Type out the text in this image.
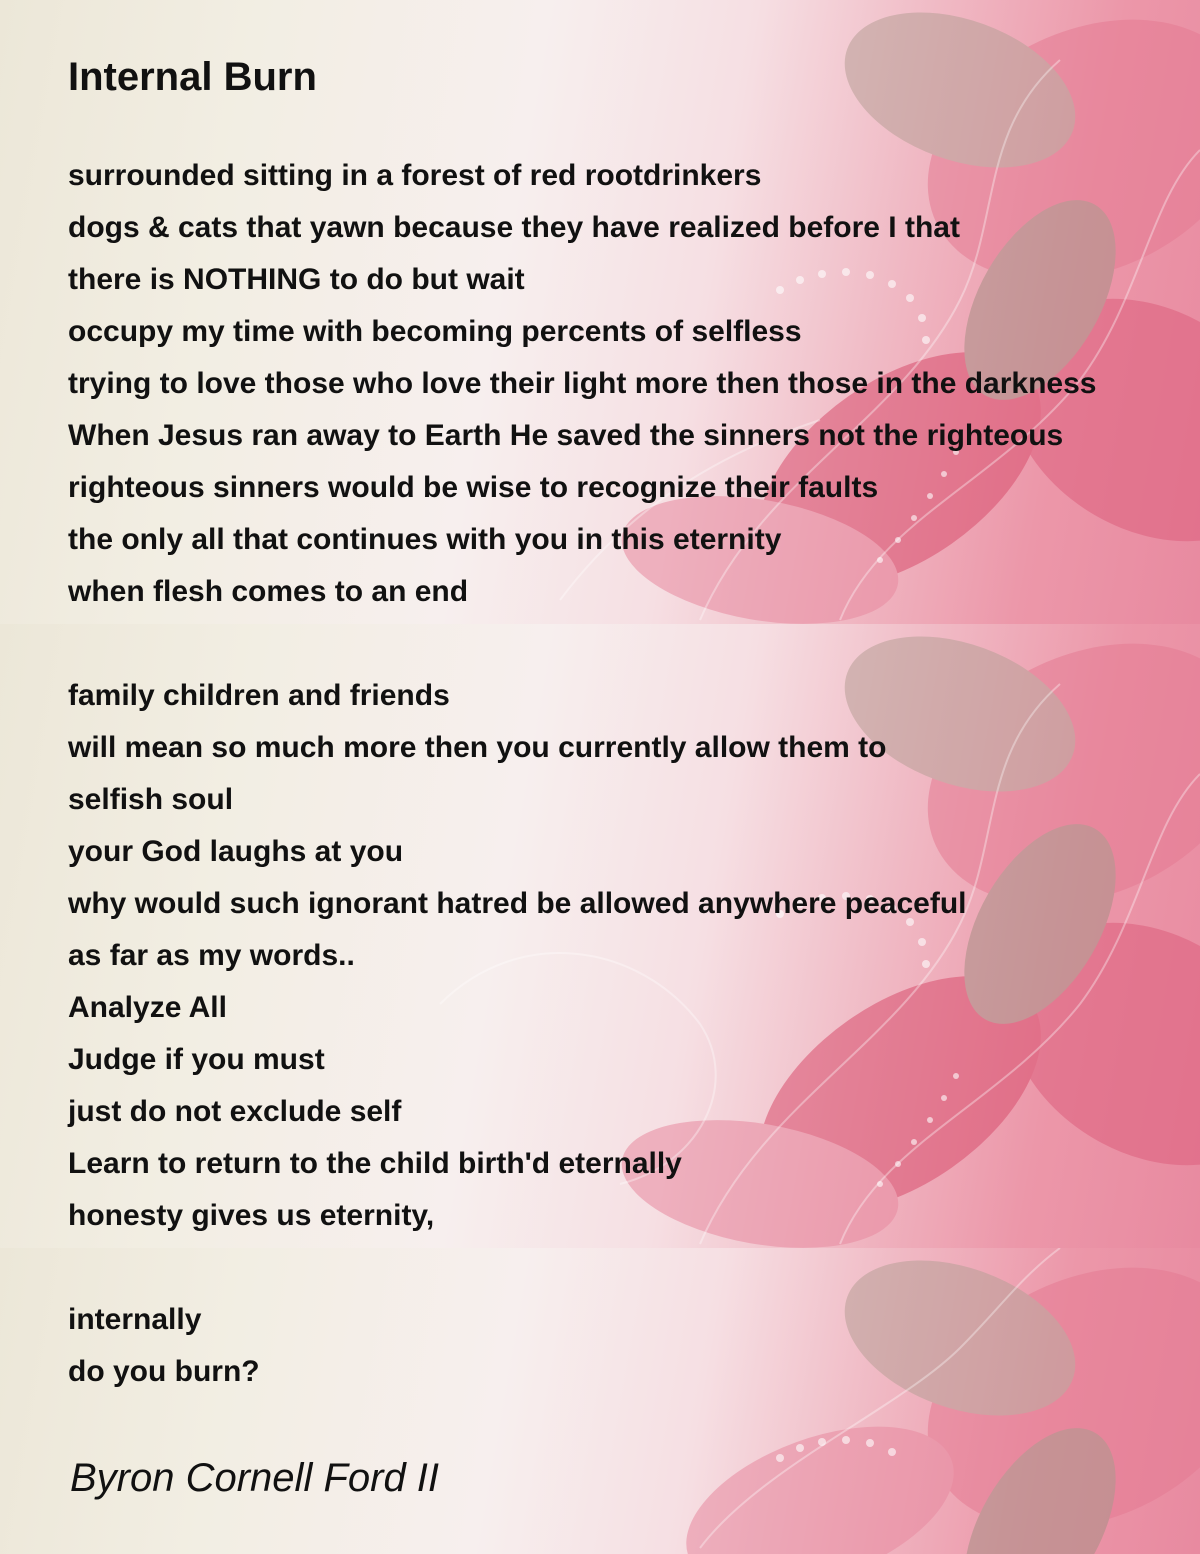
Internal Burn
surrounded sitting in a forest of red rootdrinkers
dogs & cats that yawn because they have realized before I that
there is NOTHING to do but wait
occupy my time with becoming percents of selfless
trying to love those who love their light more then those in the darkness
When Jesus ran away to Earth He saved the sinners not the righteous
righteous sinners would be wise to recognize their faults
the only all that continues with you in this eternity
when flesh comes to an end
family children and friends
will mean so much more then you currently allow them to
selfish soul
your God laughs at you
why would such ignorant hatred be allowed anywhere peaceful
as far as my words..
Analyze All
Judge if you must
just do not exclude self
Learn to return to the child birth'd eternally
honesty gives us eternity,
internally
do you burn?
Byron Cornell Ford II
